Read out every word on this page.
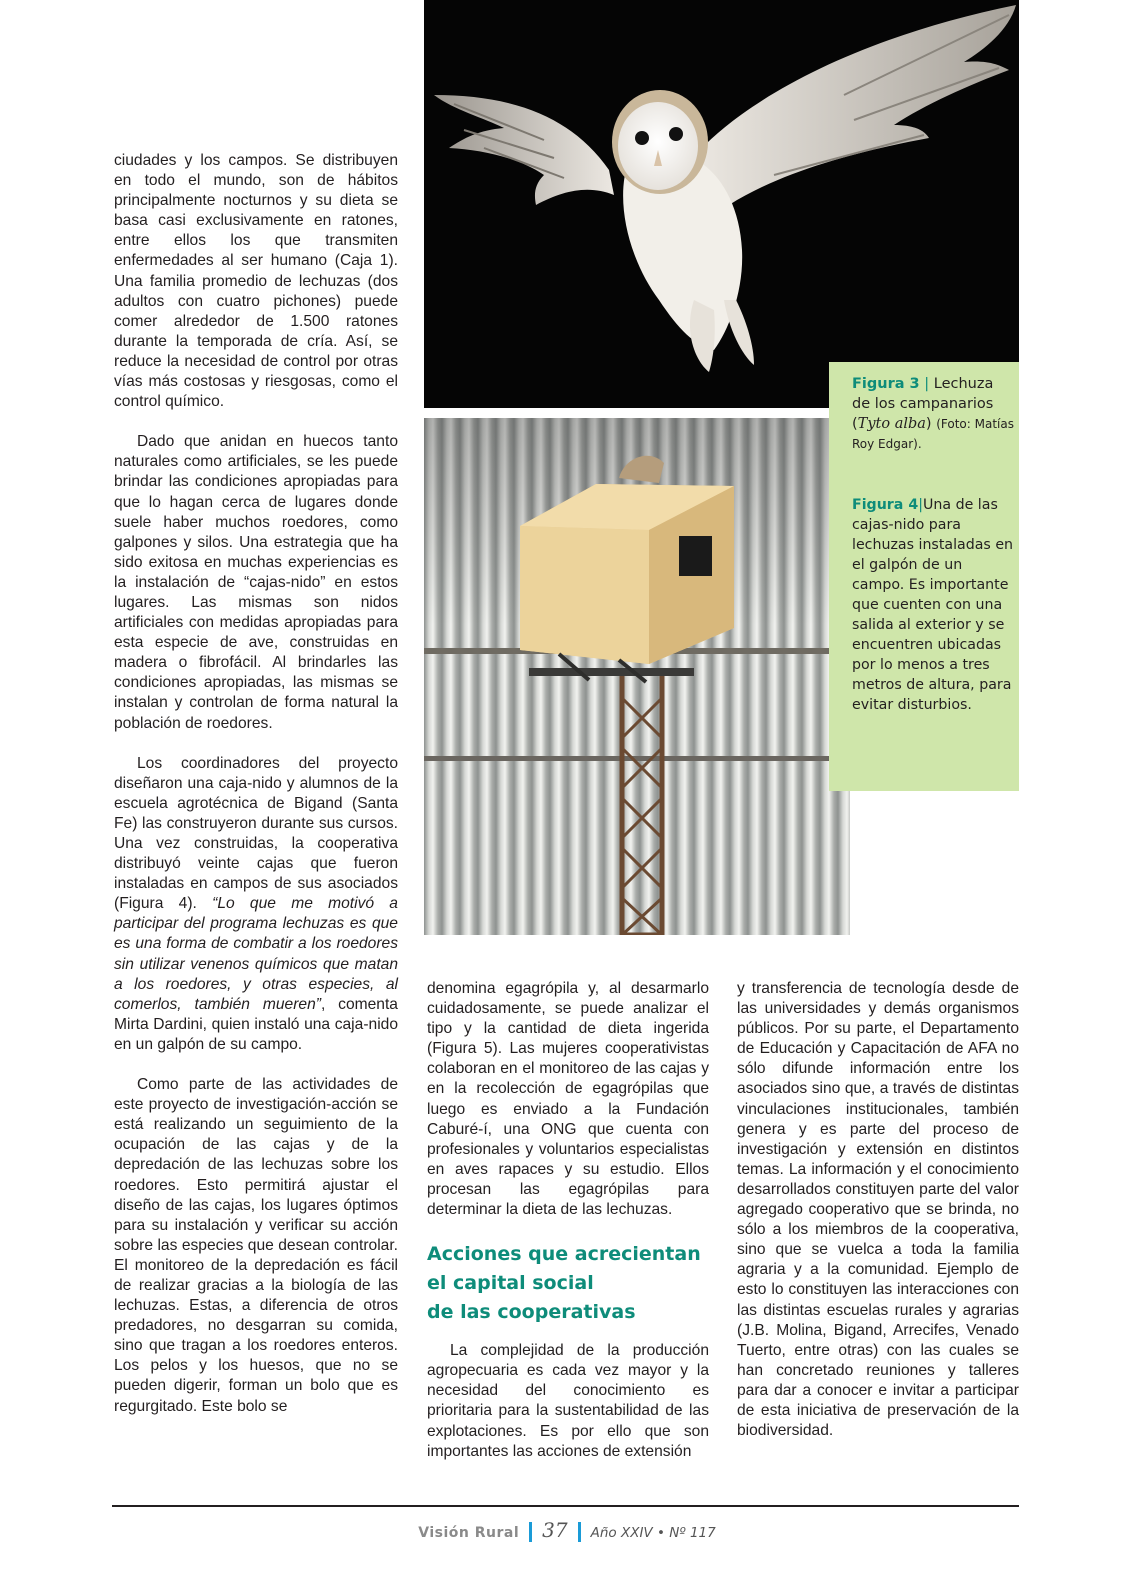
ciudades y los campos. Se distribuyen en todo el mundo, son de hábitos principalmente nocturnos y su dieta se basa casi exclusivamente en ratones, entre ellos los que transmiten enfermedades al ser humano (Caja 1). Una familia promedio de lechuzas (dos adultos con cuatro pichones) puede comer alrededor de 1.500 ratones durante la temporada de cría. Así, se reduce la necesidad de control por otras vías más costosas y riesgosas, como el control químico.

Dado que anidan en huecos tanto naturales como artificiales, se les puede brindar las condiciones apropiadas para que lo hagan cerca de lugares donde suele haber muchos roedores, como galpones y silos. Una estrategia que ha sido exitosa en muchas experiencias es la instalación de “cajas-nido” en estos lugares. Las mismas son nidos artificiales con medidas apropiadas para esta especie de ave, construidas en madera o fibrofácil. Al brindarles las condiciones apropiadas, las mismas se instalan y controlan de forma natural la población de roedores.

Los coordinadores del proyecto diseñaron una caja-nido y alumnos de la escuela agrotécnica de Bigand (Santa Fe) las construyeron durante sus cursos. Una vez construidas, la cooperativa distribuyó veinte cajas que fueron instaladas en campos de sus asociados (Figura 4). “Lo que me motivó a participar del programa lechuzas es que es una forma de combatir a los roedores sin utilizar venenos químicos que matan a los roedores, y otras especies, al comerlos, también mueren”, comenta Mirta Dardini, quien instaló una caja-nido en un galpón de su campo.

Como parte de las actividades de este proyecto de investigación-acción se está realizando un seguimiento de la ocupación de las cajas y de la depredación de las lechuzas sobre los roedores. Esto permitirá ajustar el diseño de las cajas, los lugares óptimos para su instalación y verificar su acción sobre las especies que desean controlar. El monitoreo de la depredación es fácil de realizar gracias a la biología de las lechuzas. Estas, a diferencia de otros predadores, no desgarran su comida, sino que tragan a los roedores enteros. Los pelos y los huesos, que no se pueden digerir, forman un bolo que es regurgitado. Este bolo se

Figura 3 | Lechuza de los campanarios (Tyto alba) (Foto: Matías Roy Edgar).
Figura 4|Una de las cajas-nido para lechuzas instaladas en el galpón de un campo. Es importante que cuenten con una salida al exterior y se encuentren ubicadas por lo menos a tres metros de altura, para evitar disturbios.

denomina egagrópila y, al desarmarlo cuidadosamente, se puede analizar el tipo y la cantidad de dieta ingerida (Figura 5). Las mujeres cooperativistas colaboran en el monitoreo de las cajas y en la recolección de egagrópilas que luego es enviado a la Fundación Caburé-í, una ONG que cuenta con profesionales y voluntarios especialistas en aves rapaces y su estudio. Ellos procesan las egagrópilas para determinar la dieta de las lechuzas.

Acciones que acrecientan
el capital social
de las cooperativas

La complejidad de la producción agropecuaria es cada vez mayor y la necesidad del conocimiento es prioritaria para la sustentabilidad de las explotaciones. Es por ello que son importantes las acciones de extensión

y transferencia de tecnología desde de las universidades y demás organismos públicos. Por su parte, el Departamento de Educación y Capacitación de AFA no sólo difunde información entre los asociados sino que, a través de distintas vinculaciones institucionales, también genera y es parte del proceso de investigación y extensión en distintos temas. La información y el conocimiento desarrollados constituyen parte del valor agregado cooperativo que se brinda, no sólo a los miembros de la cooperativa, sino que se vuelca a toda la familia agraria y a la comunidad. Ejemplo de esto lo constituyen las interacciones con las distintas escuelas rurales y agrarias (J.B. Molina, Bigand, Arrecifes, Venado Tuerto, entre otras) con las cuales se han concretado reuniones y talleres para dar a conocer e invitar a participar de esta iniciativa de preservación de la biodiversidad.

Visión Rural 37 Año XXIV • Nº 117
